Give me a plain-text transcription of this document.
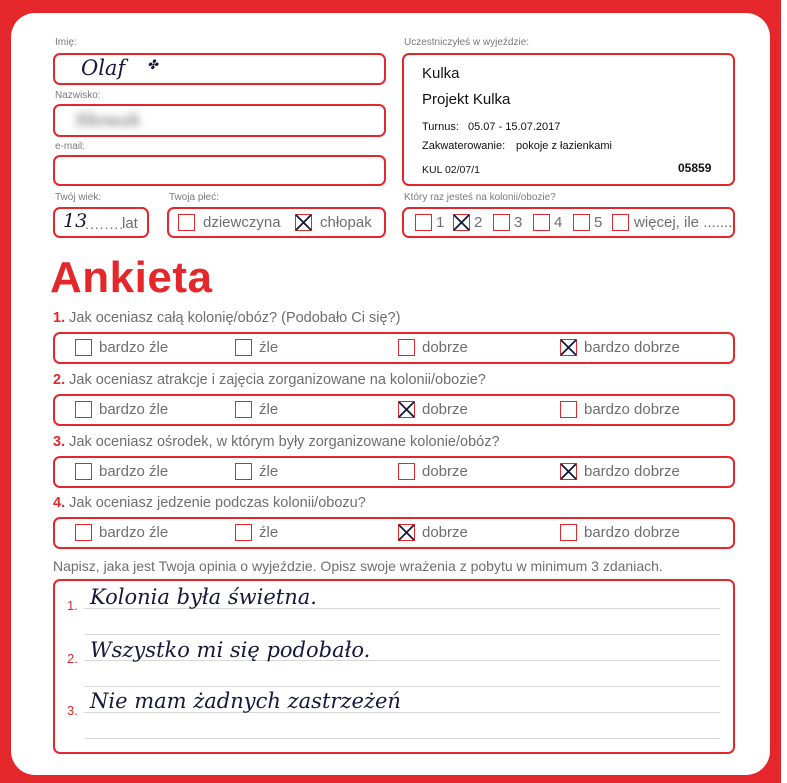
Imię:
Olaf ✤
Nazwisko:
Słowak
e-mail:
Twój wiek:
13
........
lat
Twoja płeć:
dziewczyna	chłopak
Uczestniczyłeś w wyjeździe:
Kulka
Projekt Kulka
Turnus: 05.07 - 15.07.2017
Zakwaterowanie: pokoje z łazienkami
KUL 02/07/1	05859
Który raz jesteś na kolonii/obozie?
1 2 3 4 5 więcej, ile .......
Ankieta
1. Jak oceniasz całą kolonię/obóz? (Podobało Ci się?)
bardzo źle	źle	dobrze	bardzo dobrze
2. Jak oceniasz atrakcje i zajęcia zorganizowane na kolonii/obozie?
bardzo źle	źle	dobrze	bardzo dobrze
3. Jak oceniasz ośrodek, w którym były zorganizowane kolonie/obóz?
bardzo źle	źle	dobrze	bardzo dobrze
4. Jak oceniasz jedzenie podczas kolonii/obozu?
bardzo źle	źle	dobrze	bardzo dobrze
Napisz, jaka jest Twoja opinia o wyjeździe. Opisz swoje wrażenia z pobytu w minimum 3 zdaniach.
1. Kolonia była świetna.
2. Wszystko mi się podobało.
3. Nie mam żadnych zastrzeżeń
